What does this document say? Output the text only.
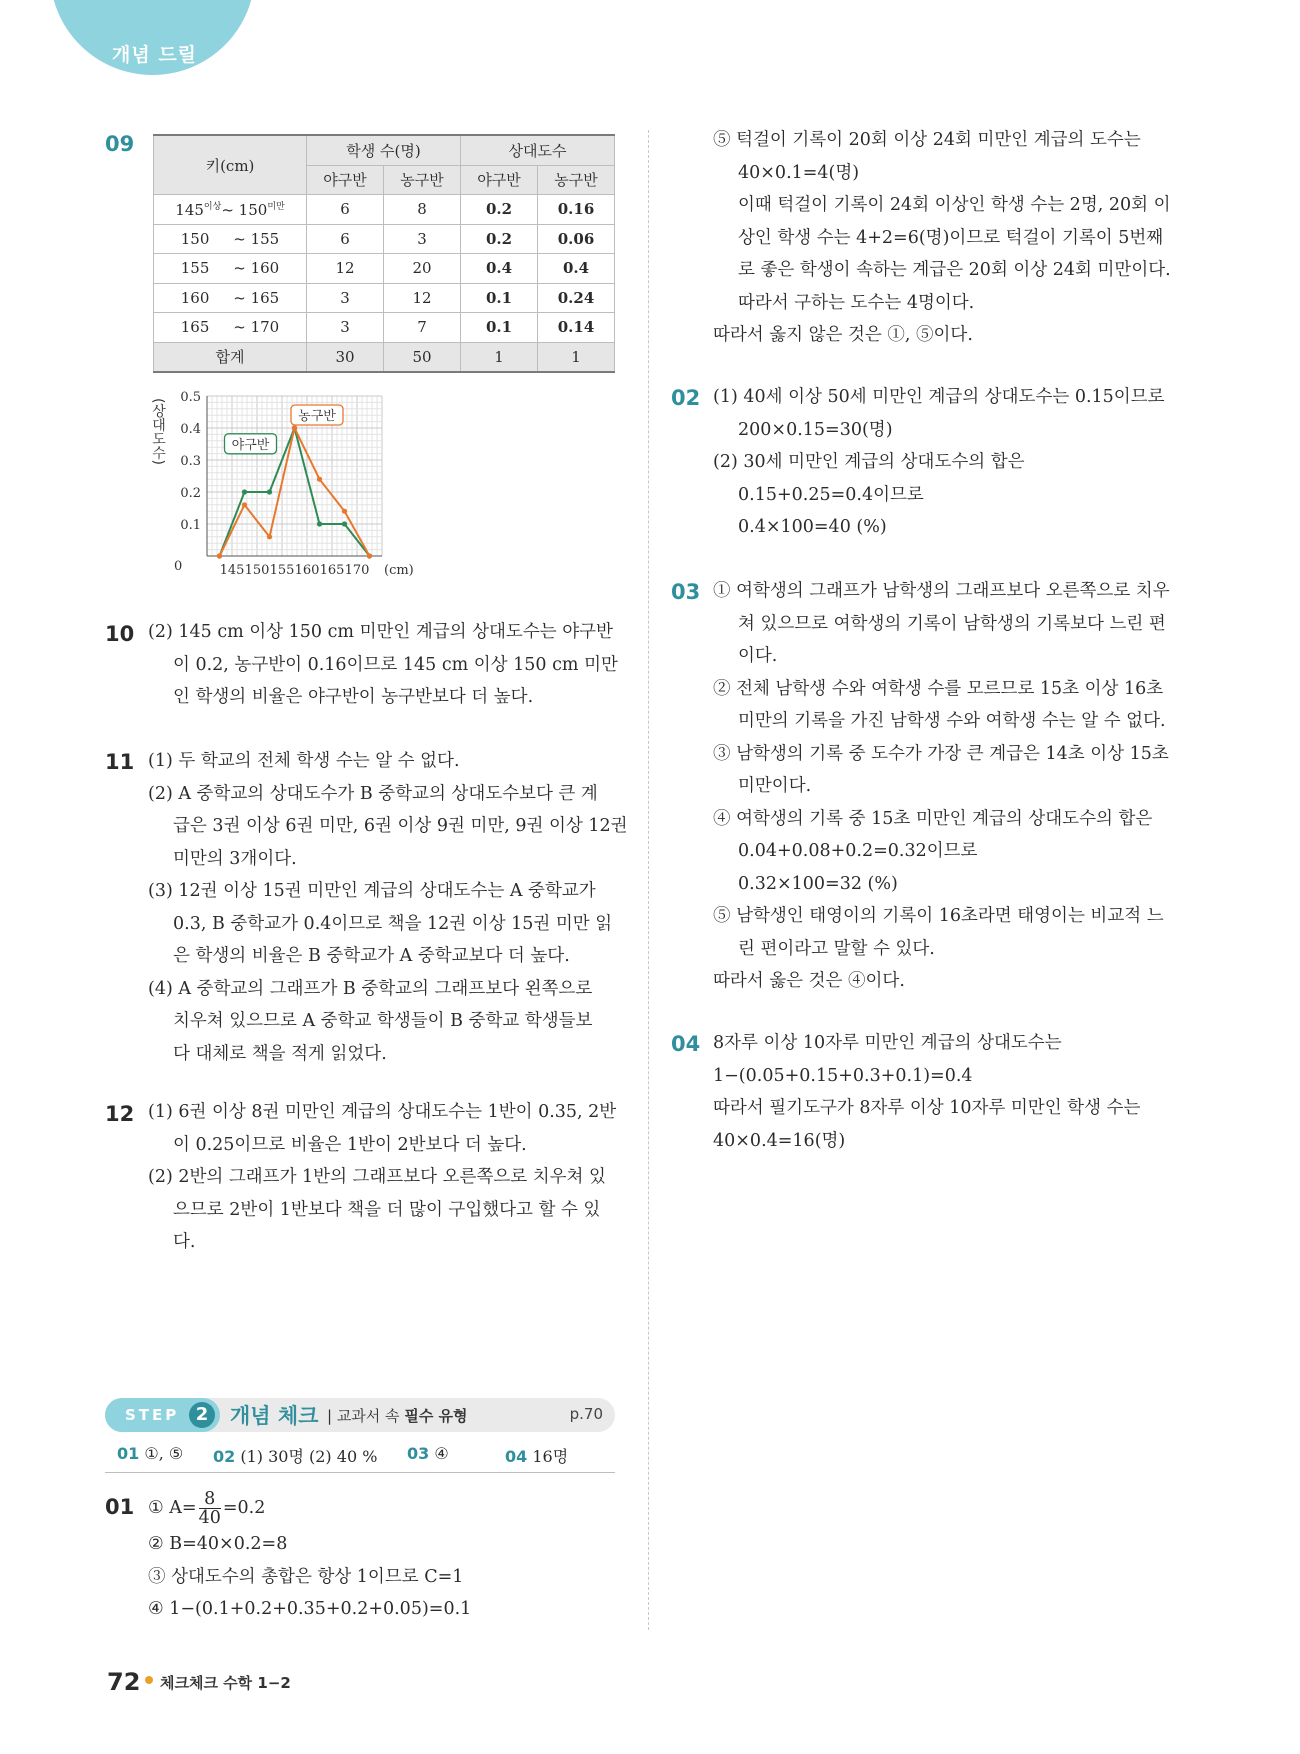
개념 드릴
09
키(cm)	학생 수(명)		상대도수	
	야구반	농구반	야구반	농구반
$145^{이상}\sim$ $150^{미만}$	6	8	0.2	0.16
150 ~ 155	6	3	0.2	0.06
155 ~ 160	12	20	0.4	0.4
160 ~ 165	3	12	0.1	0.24
165 ~ 170	3	7	0.1	0.14
합계	30	50	1	1
0.1
0.2
0.3
0.4
0.5
0	145 150 155 160 165 170 (cm)
(상대도수)	야구반
농구반
10 (2) 145 cm 이상 150 cm 미만인 계급의 상대도수는 야구반

이 0.2, 농구반이 0.16이므로 145 cm 이상 150 cm 미만

인 학생의 비율은 야구반이 농구반보다 더 높다.

11 (1) 두 학교의 전체 학생 수는 알 수 없다.

(2) A 중학교의 상대도수가 B 중학교의 상대도수보다 큰 계

급은 3권 이상 6권 미만, 6권 이상 9권 미만, 9권 이상 12권

미만의 3개이다.

(3) 12권 이상 15권 미만인 계급의 상대도수는 A 중학교가

0.3, B 중학교가 0.4이므로 책을 12권 이상 15권 미만 읽

은 학생의 비율은 B 중학교가 A 중학교보다 더 높다.

(4) A 중학교의 그래프가 B 중학교의 그래프보다 왼쪽으로

치우쳐 있으므로 A 중학교 학생들이 B 중학교 학생들보

다 대체로 책을 적게 읽었다.

12 (1) 6권 이상 8권 미만인 계급의 상대도수는 1반이 0.35, 2반

이 0.25이므로 비율은 1반이 2반보다 더 높다.

(2) 2반의 그래프가 1반의 그래프보다 오른쪽으로 치우쳐 있

으므로 2반이 1반보다 책을 더 많이 구입했다고 할 수 있

다.

STEP 2	개념 체크 | 교과서 속 필수 유형	p.70
01 ①, ⑤ 02 (1) 30명 (2) 40 % 03 ④	04 16명
01 ① $A= \frac{8}{40} =0.2$

② B=40×0.2=8

③ 상대도수의 총합은 항상 1이므로 C=1

④ 1−(0.1+0.2+0.35+0.2+0.05)=0.1

⑤ 턱걸이 기록이 20회 이상 24회 미만인 계급의 도수는

40×0.1=4(명)

이때 턱걸이 기록이 24회 이상인 학생 수는 2명, 20회 이

상인 학생 수는 4+2=6(명)이므로 턱걸이 기록이 5번째

로 좋은 학생이 속하는 계급은 20회 이상 24회 미만이다.

따라서 구하는 도수는 4명이다.

따라서 옳지 않은 것은 ①, ⑤이다.

02 (1) 40세 이상 50세 미만인 계급의 상대도수는 0.15이므로

200×0.15=30(명)

(2) 30세 미만인 계급의 상대도수의 합은

0.15+0.25=0.4이므로

0.4×100=40 (%)

03 ① 여학생의 그래프가 남학생의 그래프보다 오른쪽으로 치우

쳐 있으므로 여학생의 기록이 남학생의 기록보다 느린 편

이다.

② 전체 남학생 수와 여학생 수를 모르므로 15초 이상 16초

미만의 기록을 가진 남학생 수와 여학생 수는 알 수 없다.

③ 남학생의 기록 중 도수가 가장 큰 계급은 14초 이상 15초

미만이다.

④ 여학생의 기록 중 15초 미만인 계급의 상대도수의 합은

0.04+0.08+0.2=0.32이므로

0.32×100=32 (%)

⑤ 남학생인 태영이의 기록이 16초라면 태영이는 비교적 느

린 편이라고 말할 수 있다.

따라서 옳은 것은 ④이다.

04 8자루 이상 10자루 미만인 계급의 상대도수는

1−(0.05+0.15+0.3+0.1)=0.4

따라서 필기도구가 8자루 이상 10자루 미만인 학생 수는

40×0.4=16(명)

72 체크체크 수학 1−2
